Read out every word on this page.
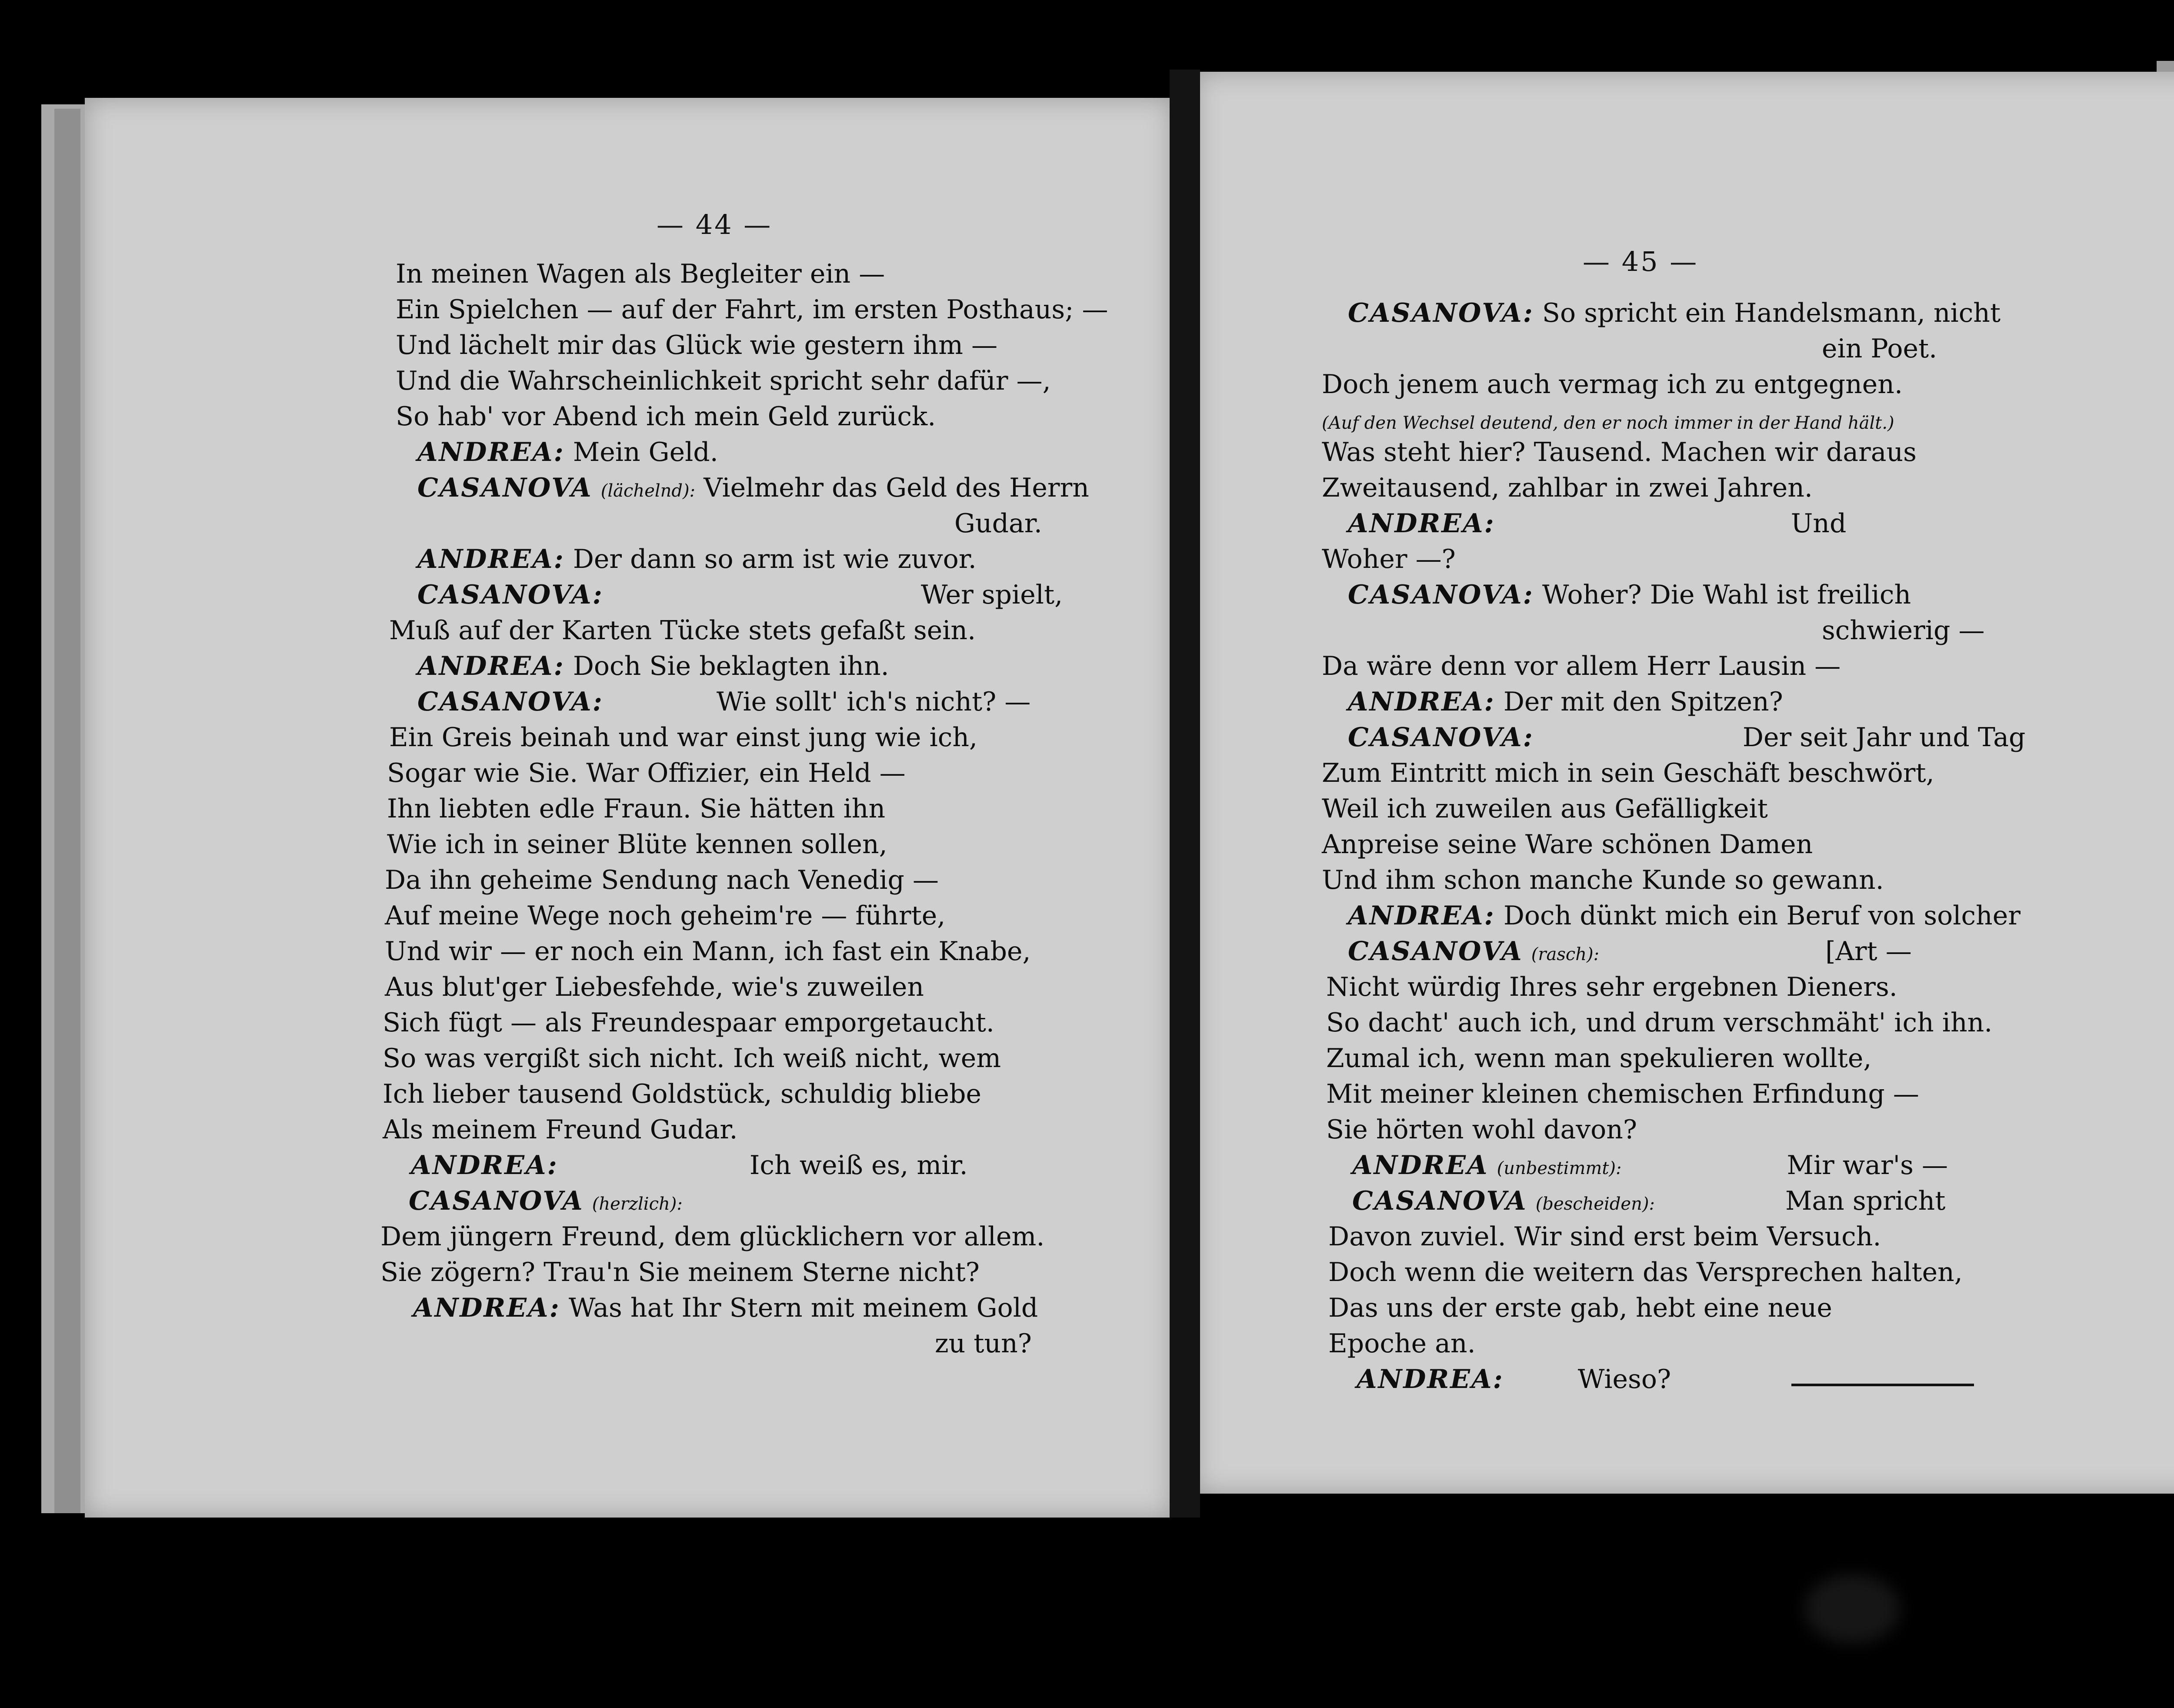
— 44 —
— 45 —
In meinen Wagen als Begleiter ein —
Ein Spielchen — auf der Fahrt, im ersten Posthaus; —
Und lächelt mir das Glück wie gestern ihm —
Und die Wahrscheinlichkeit spricht sehr dafür —,
So hab' vor Abend ich mein Geld zurück.
ANDREA: Mein Geld.
CASANOVA (lächelnd): Vielmehr das Geld des Herrn
Gudar.
ANDREA: Der dann so arm ist wie zuvor.
CASANOVA:	Wer spielt,
Muß auf der Karten Tücke stets gefaßt sein.
ANDREA: Doch Sie beklagten ihn.
CASANOVA:	Wie sollt' ich's nicht? —
Ein Greis beinah und war einst jung wie ich,
Sogar wie Sie. War Offizier, ein Held —
Ihn liebten edle Fraun. Sie hätten ihn
Wie ich in seiner Blüte kennen sollen,
Da ihn geheime Sendung nach Venedig —
Auf meine Wege noch geheim're — führte,
Und wir — er noch ein Mann, ich fast ein Knabe,
Aus blut'ger Liebesfehde, wie's zuweilen
Sich fügt — als Freundespaar emporgetaucht.
So was vergißt sich nicht. Ich weiß nicht, wem
Ich lieber tausend Goldstück, schuldig bliebe
Als meinem Freund Gudar.
ANDREA:	Ich weiß es, mir.
CASANOVA (herzlich):
Dem jüngern Freund, dem glücklichern vor allem.
Sie zögern? Trau'n Sie meinem Sterne nicht?
ANDREA: Was hat Ihr Stern mit meinem Gold
zu tun?
CASANOVA: So spricht ein Handelsmann, nicht
ein Poet.
Doch jenem auch vermag ich zu entgegnen.
(Auf den Wechsel deutend, den er noch immer in der Hand hält.)
Was steht hier? Tausend. Machen wir daraus
Zweitausend, zahlbar in zwei Jahren.
ANDREA:	Und
Woher —?
CASANOVA: Woher? Die Wahl ist freilich
schwierig —
Da wäre denn vor allem Herr Lausin —
ANDREA: Der mit den Spitzen?
CASANOVA:	Der seit Jahr und Tag
Zum Eintritt mich in sein Geschäft beschwört,
Weil ich zuweilen aus Gefälligkeit
Anpreise seine Ware schönen Damen
Und ihm schon manche Kunde so gewann.
ANDREA: Doch dünkt mich ein Beruf von solcher
CASANOVA (rasch):	[Art —
Nicht würdig Ihres sehr ergebnen Dieners.
So dacht' auch ich, und drum verschmäht' ich ihn.
Zumal ich, wenn man spekulieren wollte,
Mit meiner kleinen chemischen Erfindung —
Sie hörten wohl davon?
ANDREA (unbestimmt):	Mir war's —
CASANOVA (bescheiden):	Man spricht
Davon zuviel. Wir sind erst beim Versuch.
Doch wenn die weitern das Versprechen halten,
Das uns der erste gab, hebt eine neue
Epoche an.
ANDREA:	Wieso?
